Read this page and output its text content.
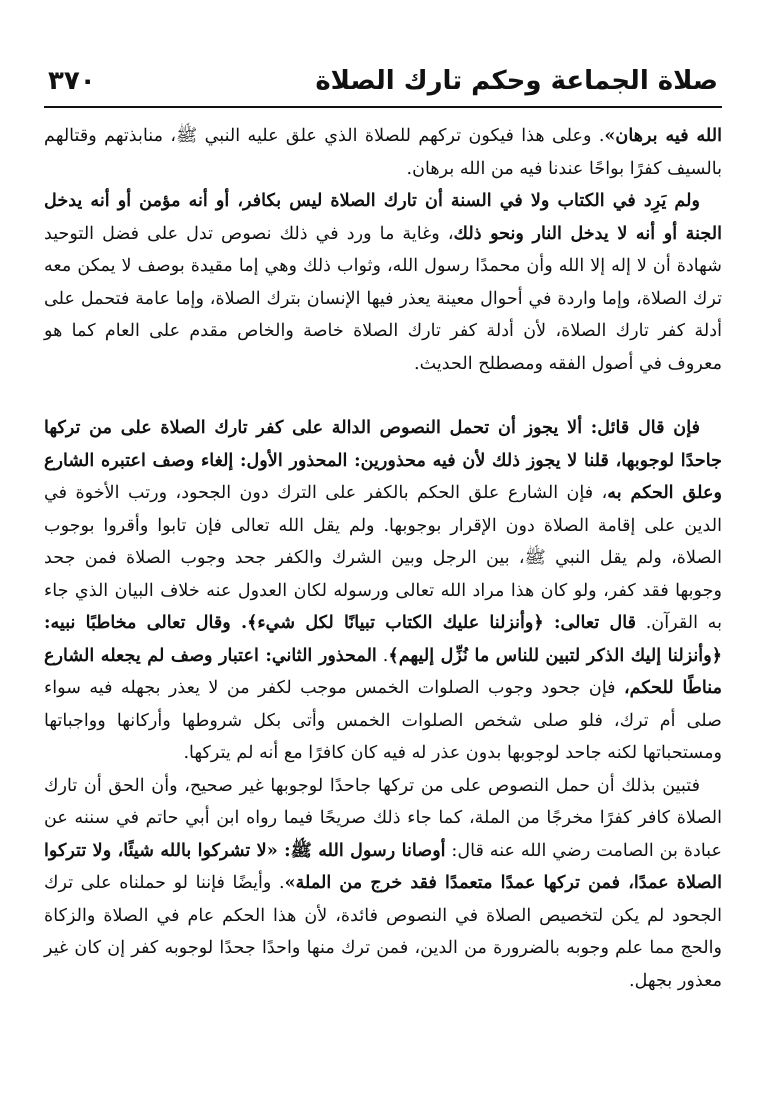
صلاة الجماعة وحكم تارك الصلاة
٣٧٠

الله فيه برهان». وعلى هذا فيكون تركهم للصلاة الذي علق عليه النبي ﷺ، منابذتهم وقتالهم بالسيف كفرًا بواحًا عندنا فيه من الله برهان.

ولم يَرِد في الكتاب ولا في السنة أن تارك الصلاة ليس بكافر، أو أنه مؤمن أو أنه يدخل الجنة أو أنه لا يدخل النار ونحو ذلك، وغاية ما ورد في ذلك نصوص تدل على فضل التوحيد شهادة أن لا إله إلا الله وأن محمدًا رسول الله، وثواب ذلك وهي إما مقيدة بوصف لا يمكن معه ترك الصلاة، وإما واردة في أحوال معينة يعذر فيها الإنسان بترك الصلاة، وإما عامة فتحمل على أدلة كفر تارك الصلاة، لأن أدلة كفر تارك الصلاة خاصة والخاص مقدم على العام كما هو معروف في أصول الفقه ومصطلح الحديث.

فإن قال قائل: ألا يجوز أن تحمل النصوص الدالة على كفر تارك الصلاة على من تركها جاحدًا لوجوبها، قلنا لا يجوز ذلك لأن فيه محذورين: المحذور الأول: إلغاء وصف اعتبره الشارع وعلق الحكم به، فإن الشارع علق الحكم بالكفر على الترك دون الجحود، ورتب الأخوة في الدين على إقامة الصلاة دون الإقرار بوجوبها. ولم يقل الله تعالى فإن تابوا وأقروا بوجوب الصلاة، ولم يقل النبي ﷺ، بين الرجل وبين الشرك والكفر جحد وجوب الصلاة فمن جحد وجوبها فقد كفر، ولو كان هذا مراد الله تعالى ورسوله لكان العدول عنه خلاف البيان الذي جاء به القرآن. قال تعالى: ﴿وأنزلنا عليك الكتاب تبيانًا لكل شيء﴾. وقال تعالى مخاطبًا نبيه: ﴿وأنزلنا إليك الذكر لتبين للناس ما نُزِّل إليهم﴾. المحذور الثاني: اعتبار وصف لم يجعله الشارع مناطًا للحكم، فإن جحود وجوب الصلوات الخمس موجب لكفر من لا يعذر بجهله فيه سواء صلى أم ترك، فلو صلى شخص الصلوات الخمس وأتى بكل شروطها وأركانها وواجباتها ومستحباتها لكنه جاحد لوجوبها بدون عذر له فيه كان كافرًا مع أنه لم يتركها.

فتبين بذلك أن حمل النصوص على من تركها جاحدًا لوجوبها غير صحيح، وأن الحق أن تارك الصلاة كافر كفرًا مخرجًا من الملة، كما جاء ذلك صريحًا فيما رواه ابن أبي حاتم في سننه عن عبادة بن الصامت رضي الله عنه قال: أوصانا رسول الله ﷺ: «لا تشركوا بالله شيئًا، ولا تتركوا الصلاة عمدًا، فمن تركها عمدًا متعمدًا فقد خرج من الملة». وأيضًا فإننا لو حملناه على ترك الجحود لم يكن لتخصيص الصلاة في النصوص فائدة، لأن هذا الحكم عام في الصلاة والزكاة والحج مما علم وجوبه بالضرورة من الدين، فمن ترك منها واحدًا جحدًا لوجوبه كفر إن كان غير معذور بجهل.
